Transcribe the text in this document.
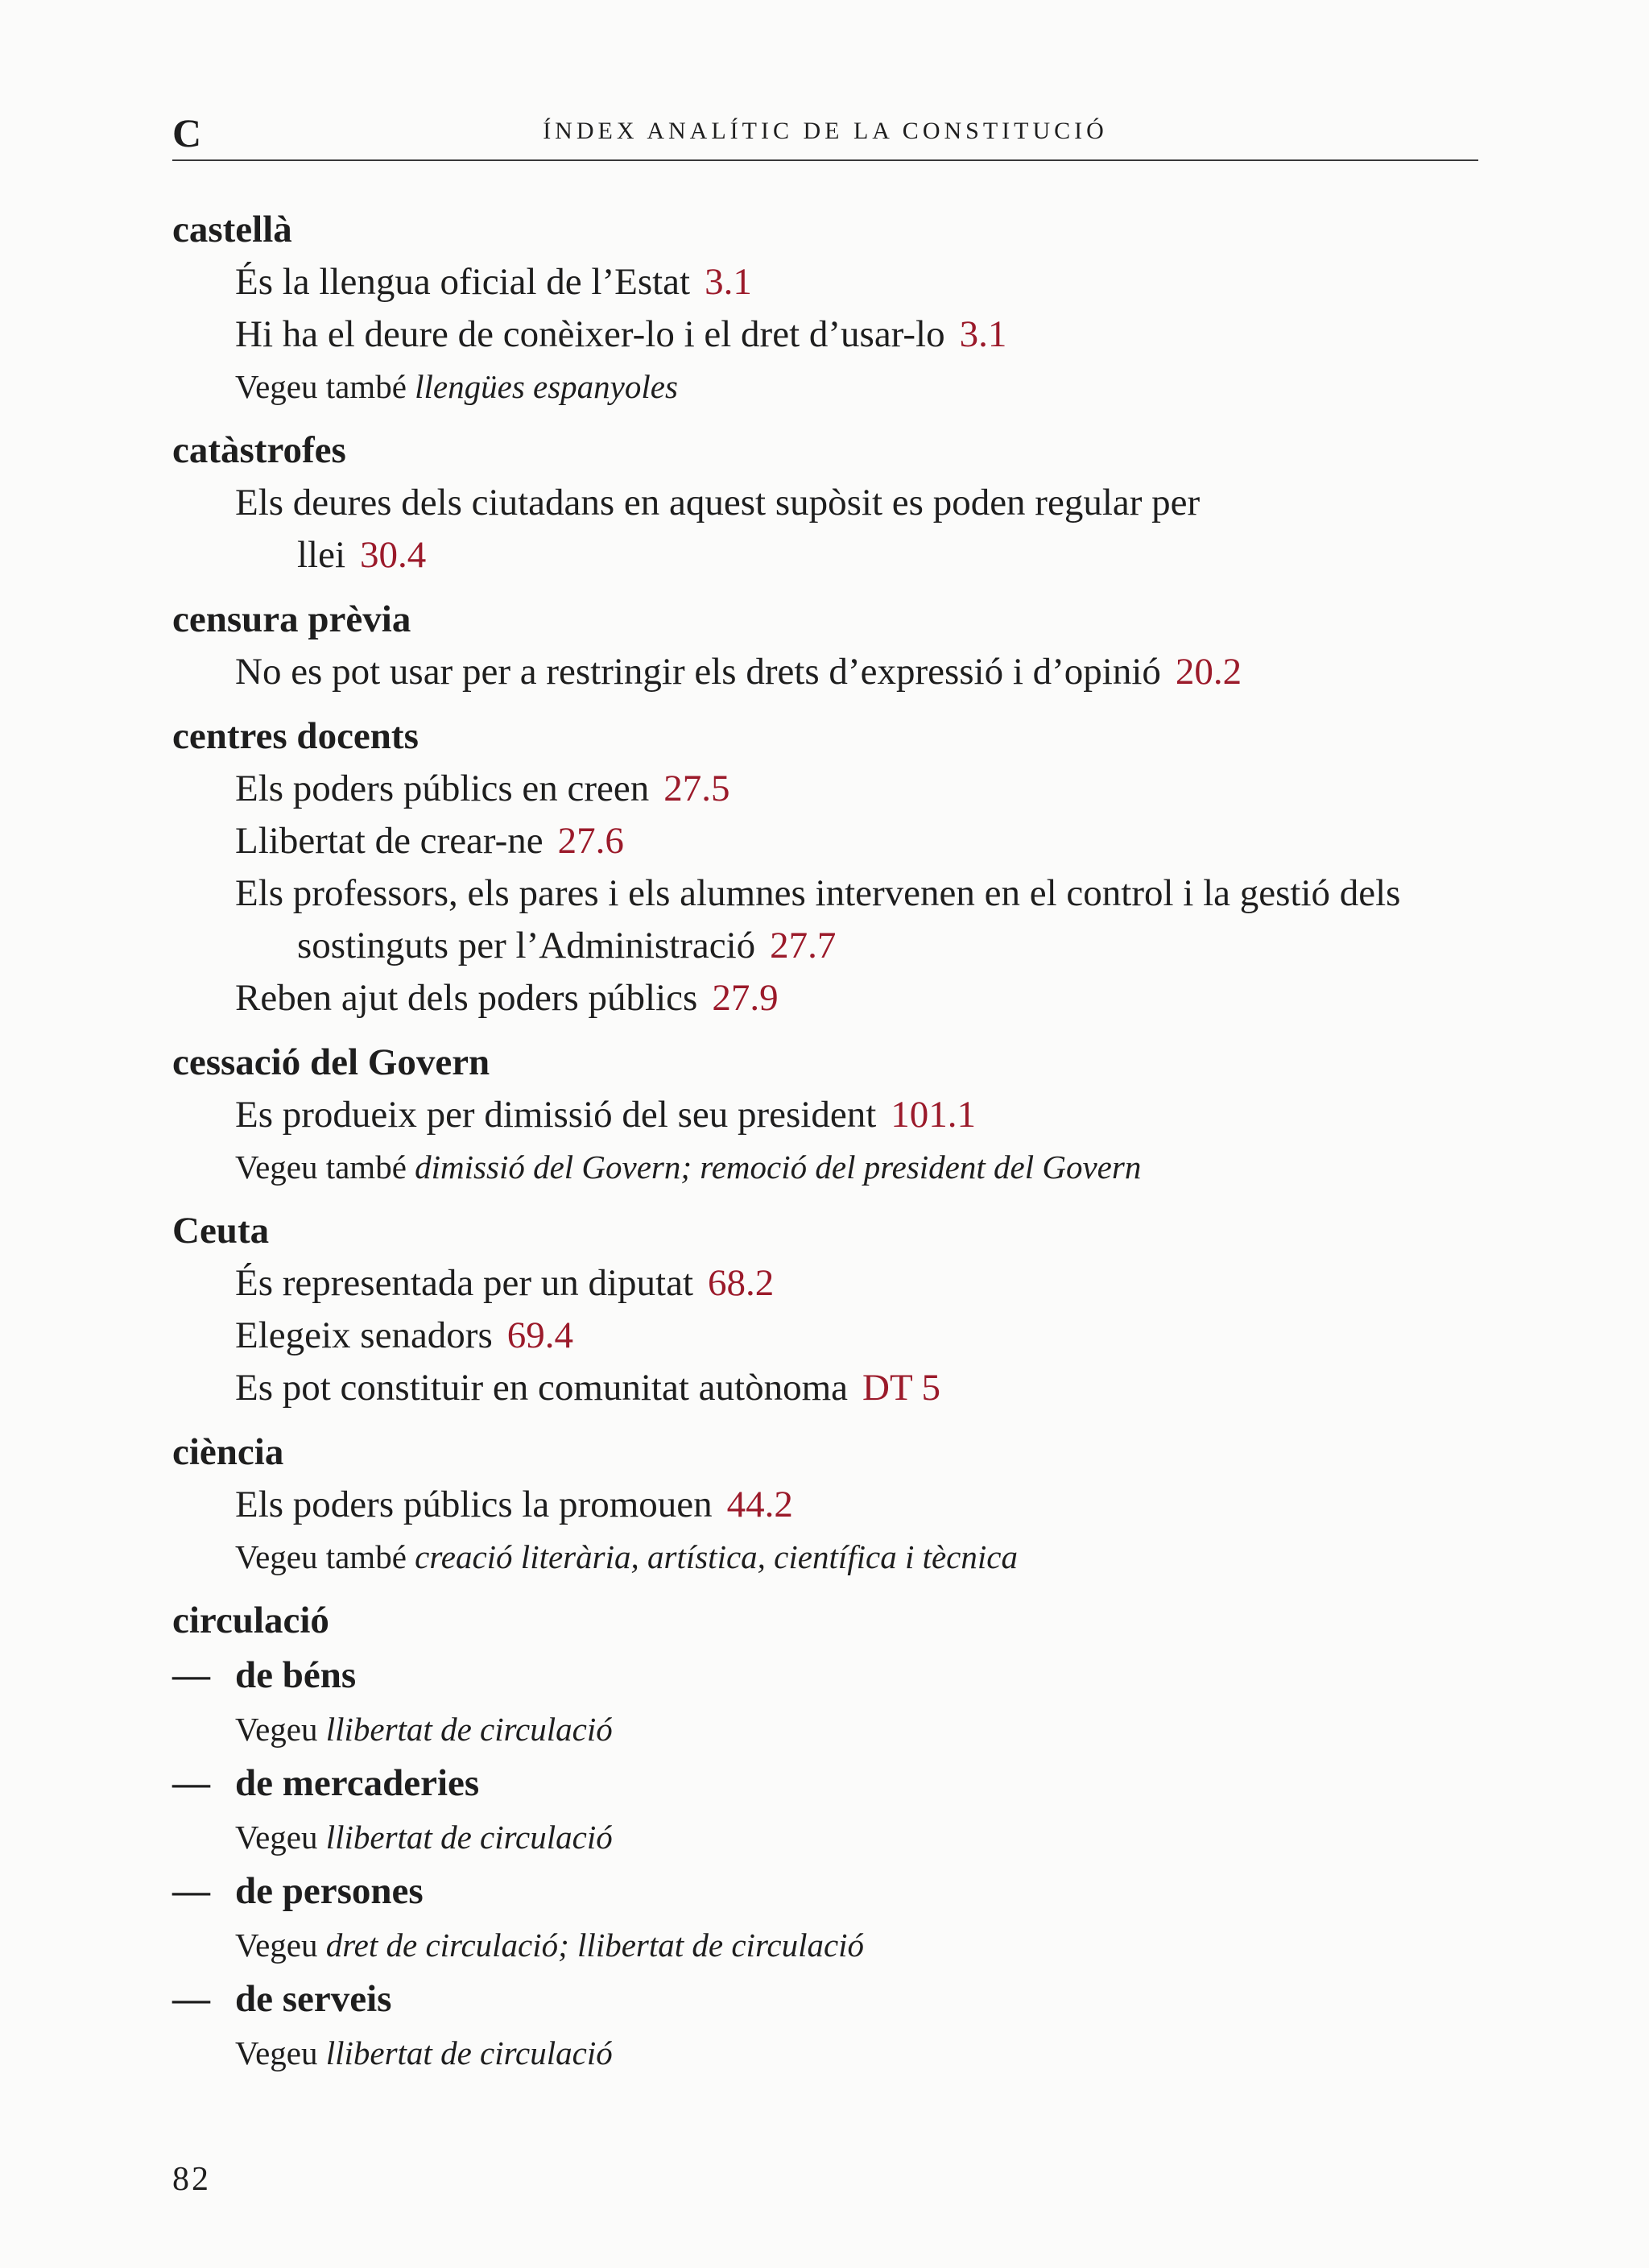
C	ÍNDEX ANALÍTIC DE LA CONSTITUCIÓ
castellà
És la llengua oficial de l’Estat 3.1
Hi ha el deure de conèixer-lo i el dret d’usar-lo 3.1
Vegeu també llengües espanyoles
catàstrofes
Els deures dels ciutadans en aquest supòsit es poden regular per llei 30.4
censura prèvia
No es pot usar per a restringir els drets d’expressió i d’opinió 20.2
centres docents
Els poders públics en creen 27.5
Llibertat de crear-ne 27.6
Els professors, els pares i els alumnes intervenen en el control i la gestió dels sostinguts per l’Administració 27.7
Reben ajut dels poders públics 27.9
cessació del Govern
Es produeix per dimissió del seu president 101.1
Vegeu també dimissió del Govern; remoció del president del Govern
Ceuta
És representada per un diputat 68.2
Elegeix senadors 69.4
Es pot constituir en comunitat autònoma DT 5
ciència
Els poders públics la promouen 44.2
Vegeu també creació literària, artística, científica i tècnica
circulació
— de béns
Vegeu llibertat de circulació
— de mercaderies
Vegeu llibertat de circulació
— de persones
Vegeu dret de circulació; llibertat de circulació
— de serveis
Vegeu llibertat de circulació
82
